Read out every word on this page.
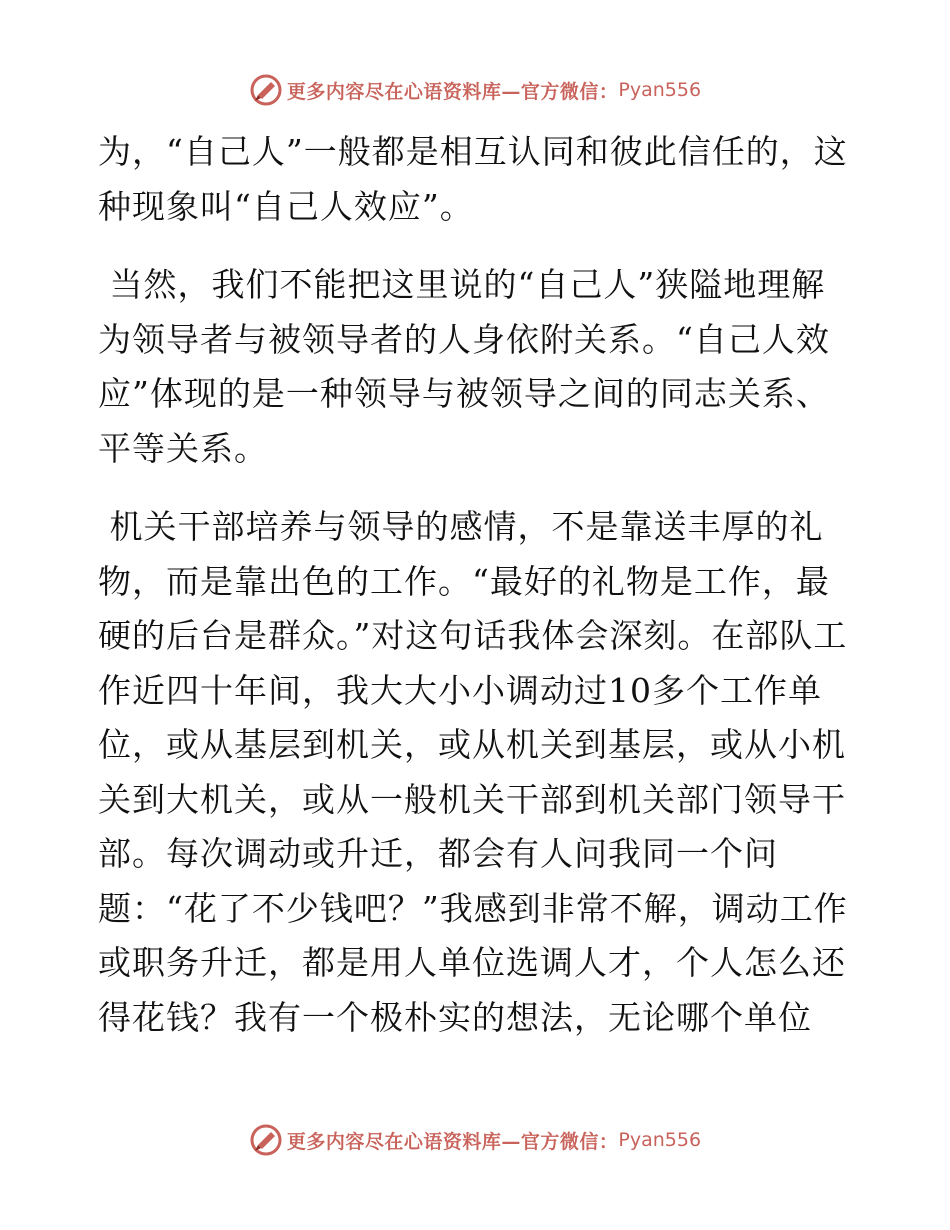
更多内容尽在心语资料库—官方微信： Pyan556

为，“自己人”一般都是相互认同和彼此信任的，这种现象叫“自己人效应”。

当然，我们不能把这里说的“自己人”狭隘地理解为领导者与被领导者的人身依附关系。“自己人效应”体现的是一种领导与被领导之间的同志关系、平等关系。

机关干部培养与领导的感情，不是靠送丰厚的礼物，而是靠出色的工作。“最好的礼物是工作，最硬的后台是群众。”对这句话我体会深刻。在部队工作近四十年间，我大大小小调动过10多个工作单位，或从基层到机关，或从机关到基层，或从小机关到大机关，或从一般机关干部到机关部门领导干部。每次调动或升迁，都会有人问我同一个问题：“花了不少钱吧？”我感到非常不解，调动工作或职务升迁，都是用人单位选调人才，个人怎么还得花钱？我有一个极朴实的想法，无论哪个单位

更多内容尽在心语资料库—官方微信： Pyan556
